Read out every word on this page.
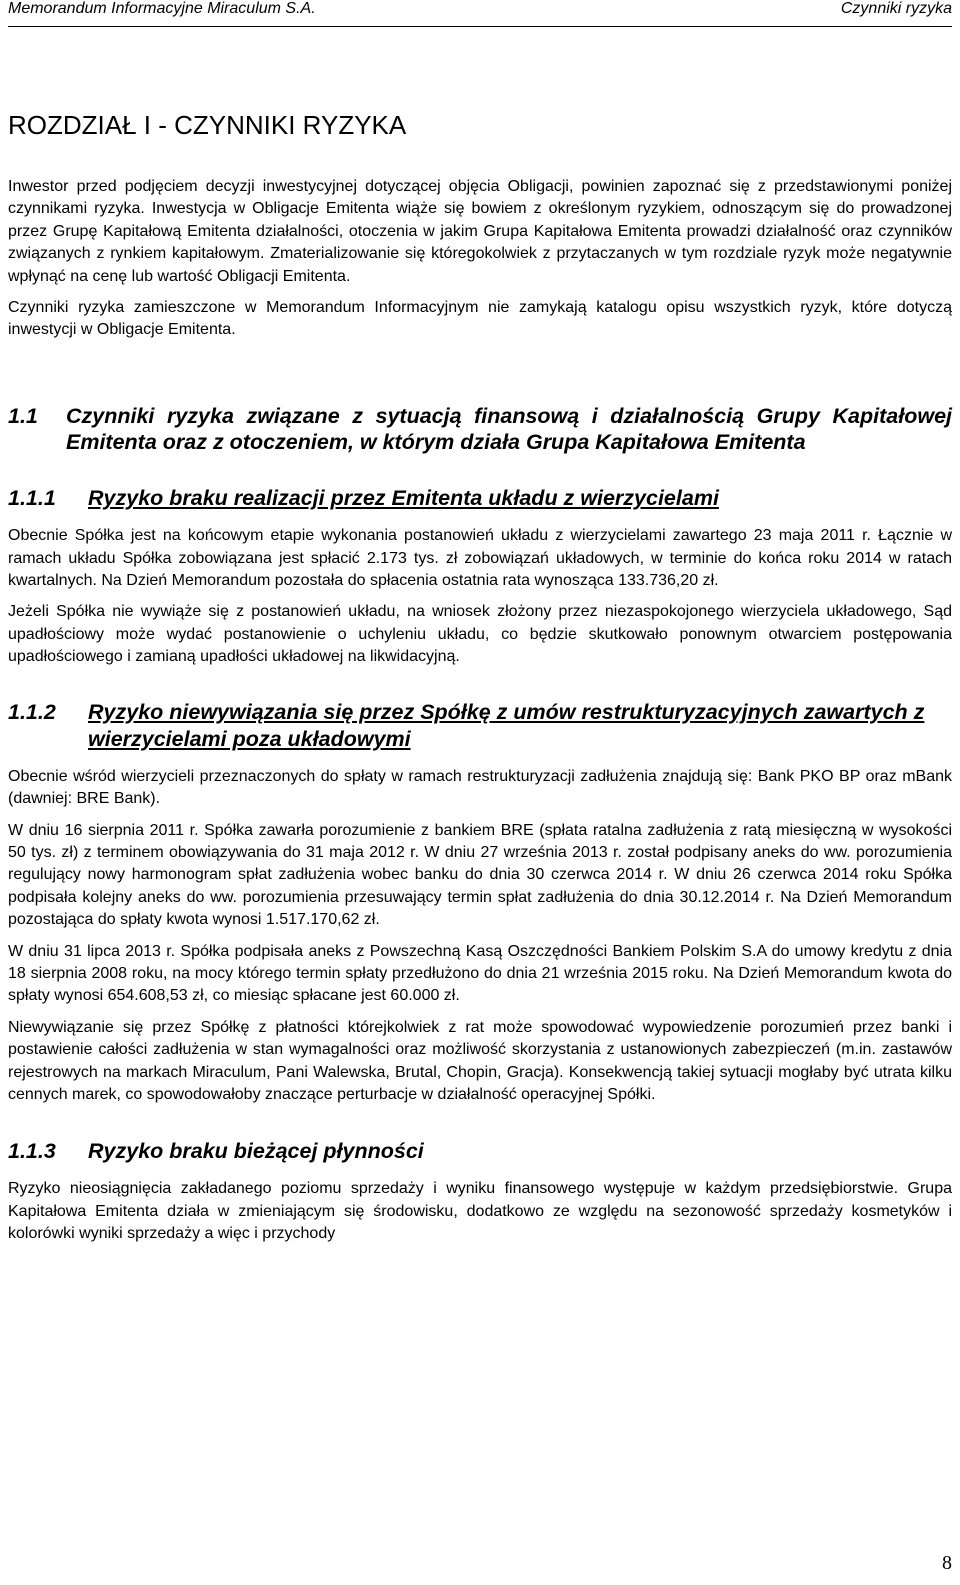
Memorandum Informacyjne Miraculum S.A.	Czynniki ryzyka
ROZDZIAŁ I - CZYNNIKI RYZYKA

Inwestor przed podjęciem decyzji inwestycyjnej dotyczącej objęcia Obligacji, powinien zapoznać się z przedstawionymi poniżej czynnikami ryzyka. Inwestycja w Obligacje Emitenta wiąże się bowiem z określonym ryzykiem, odnoszącym się do prowadzonej przez Grupę Kapitałową Emitenta działalności, otoczenia w jakim Grupa Kapitałowa Emitenta prowadzi działalność oraz czynników związanych z rynkiem kapitałowym. Zmaterializowanie się któregokolwiek z przytaczanych w tym rozdziale ryzyk może negatywnie wpłynąć na cenę lub wartość Obligacji Emitenta.

Czynniki ryzyka zamieszczone w Memorandum Informacyjnym nie zamykają katalogu opisu wszystkich ryzyk, które dotyczą inwestycji w Obligacje Emitenta.

1.1	Czynniki ryzyka związane z sytuacją finansową i działalnością Grupy Kapitałowej Emitenta oraz z otoczeniem, w którym działa Grupa Kapitałowa Emitenta
1.1.1	Ryzyko braku realizacji przez Emitenta układu z wierzycielami

Obecnie Spółka jest na końcowym etapie wykonania postanowień układu z wierzycielami zawartego 23 maja 2011 r. Łącznie w ramach układu Spółka zobowiązana jest spłacić 2.173 tys. zł zobowiązań układowych, w terminie do końca roku 2014 w ratach kwartalnych. Na Dzień Memorandum pozostała do spłacenia ostatnia rata wynosząca 133.736,20 zł.

Jeżeli Spółka nie wywiąże się z postanowień układu, na wniosek złożony przez niezaspokojonego wierzyciela układowego, Sąd upadłościowy może wydać postanowienie o uchyleniu układu, co będzie skutkowało ponownym otwarciem postępowania upadłościowego i zamianą upadłości układowej na likwidacyjną.

1.1.2	Ryzyko niewywiązania się przez Spółkę z umów restrukturyzacyjnych zawartych z wierzycielami poza układowymi

Obecnie wśród wierzycieli przeznaczonych do spłaty w ramach restrukturyzacji zadłużenia znajdują się: Bank PKO BP oraz mBank (dawniej: BRE Bank).

W dniu 16 sierpnia 2011 r. Spółka zawarła porozumienie z bankiem BRE (spłata ratalna zadłużenia z ratą miesięczną w wysokości 50 tys. zł) z terminem obowiązywania do 31 maja 2012 r. W dniu 27 września 2013 r. został podpisany aneks do ww. porozumienia regulujący nowy harmonogram spłat zadłużenia wobec banku do dnia 30 czerwca 2014 r. W dniu 26 czerwca 2014 roku Spółka podpisała kolejny aneks do ww. porozumienia przesuwający termin spłat zadłużenia do dnia 30.12.2014 r. Na Dzień Memorandum pozostająca do spłaty kwota wynosi 1.517.170,62 zł.

W dniu 31 lipca 2013 r. Spółka podpisała aneks z Powszechną Kasą Oszczędności Bankiem Polskim S.A do umowy kredytu z dnia 18 sierpnia 2008 roku, na mocy którego termin spłaty przedłużono do dnia 21 września 2015 roku. Na Dzień Memorandum kwota do spłaty wynosi 654.608,53 zł, co miesiąc spłacane jest 60.000 zł.

Niewywiązanie się przez Spółkę z płatności którejkolwiek z rat może spowodować wypowiedzenie porozumień przez banki i postawienie całości zadłużenia w stan wymagalności oraz możliwość skorzystania z ustanowionych zabezpieczeń (m.in. zastawów rejestrowych na markach Miraculum, Pani Walewska, Brutal, Chopin, Gracja). Konsekwencją takiej sytuacji mogłaby być utrata kilku cennych marek, co spowodowałoby znaczące perturbacje w działalność operacyjnej Spółki.

1.1.3	Ryzyko braku bieżącej płynności

Ryzyko nieosiągnięcia zakładanego poziomu sprzedaży i wyniku finansowego występuje w każdym przedsiębiorstwie. Grupa Kapitałowa Emitenta działa w zmieniającym się środowisku, dodatkowo ze względu na sezonowość sprzedaży kosmetyków i kolorówki wyniki sprzedaży a więc i przychody

8
